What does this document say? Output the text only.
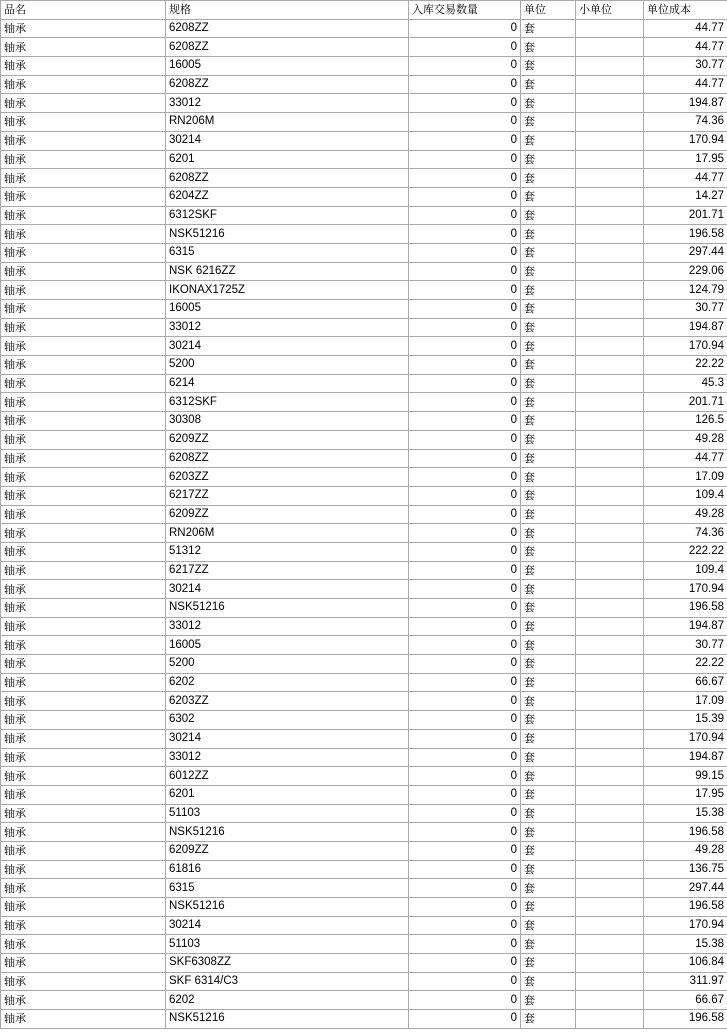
品名	规格	入库交易数量	单位	小单位	单位成本
轴承	6208ZZ	0	套		44.77
轴承	6208ZZ	0	套		44.77
轴承	16005	0	套		30.77
轴承	6208ZZ	0	套		44.77
轴承	33012	0	套		194.87
轴承	RN206M	0	套		74.36
轴承	30214	0	套		170.94
轴承	6201	0	套		17.95
轴承	6208ZZ	0	套		44.77
轴承	6204ZZ	0	套		14.27
轴承	6312SKF	0	套		201.71
轴承	NSK51216	0	套		196.58
轴承	6315	0	套		297.44
轴承	NSK 6216ZZ	0	套		229.06
轴承	IKONAX1725Z	0	套		124.79
轴承	16005	0	套		30.77
轴承	33012	0	套		194.87
轴承	30214	0	套		170.94
轴承	5200	0	套		22.22
轴承	6214	0	套		45.3
轴承	6312SKF	0	套		201.71
轴承	30308	0	套		126.5
轴承	6209ZZ	0	套		49.28
轴承	6208ZZ	0	套		44.77
轴承	6203ZZ	0	套		17.09
轴承	6217ZZ	0	套		109.4
轴承	6209ZZ	0	套		49.28
轴承	RN206M	0	套		74.36
轴承	51312	0	套		222.22
轴承	6217ZZ	0	套		109.4
轴承	30214	0	套		170.94
轴承	NSK51216	0	套		196.58
轴承	33012	0	套		194.87
轴承	16005	0	套		30.77
轴承	5200	0	套		22.22
轴承	6202	0	套		66.67
轴承	6203ZZ	0	套		17.09
轴承	6302	0	套		15.39
轴承	30214	0	套		170.94
轴承	33012	0	套		194.87
轴承	6012ZZ	0	套		99.15
轴承	6201	0	套		17.95
轴承	51103	0	套		15.38
轴承	NSK51216	0	套		196.58
轴承	6209ZZ	0	套		49.28
轴承	61816	0	套		136.75
轴承	6315	0	套		297.44
轴承	NSK51216	0	套		196.58
轴承	30214	0	套		170.94
轴承	51103	0	套		15.38
轴承	SKF6308ZZ	0	套		106.84
轴承	SKF 6314/C3	0	套		311.97
轴承	6202	0	套		66.67
轴承	NSK51216	0	套		196.58
